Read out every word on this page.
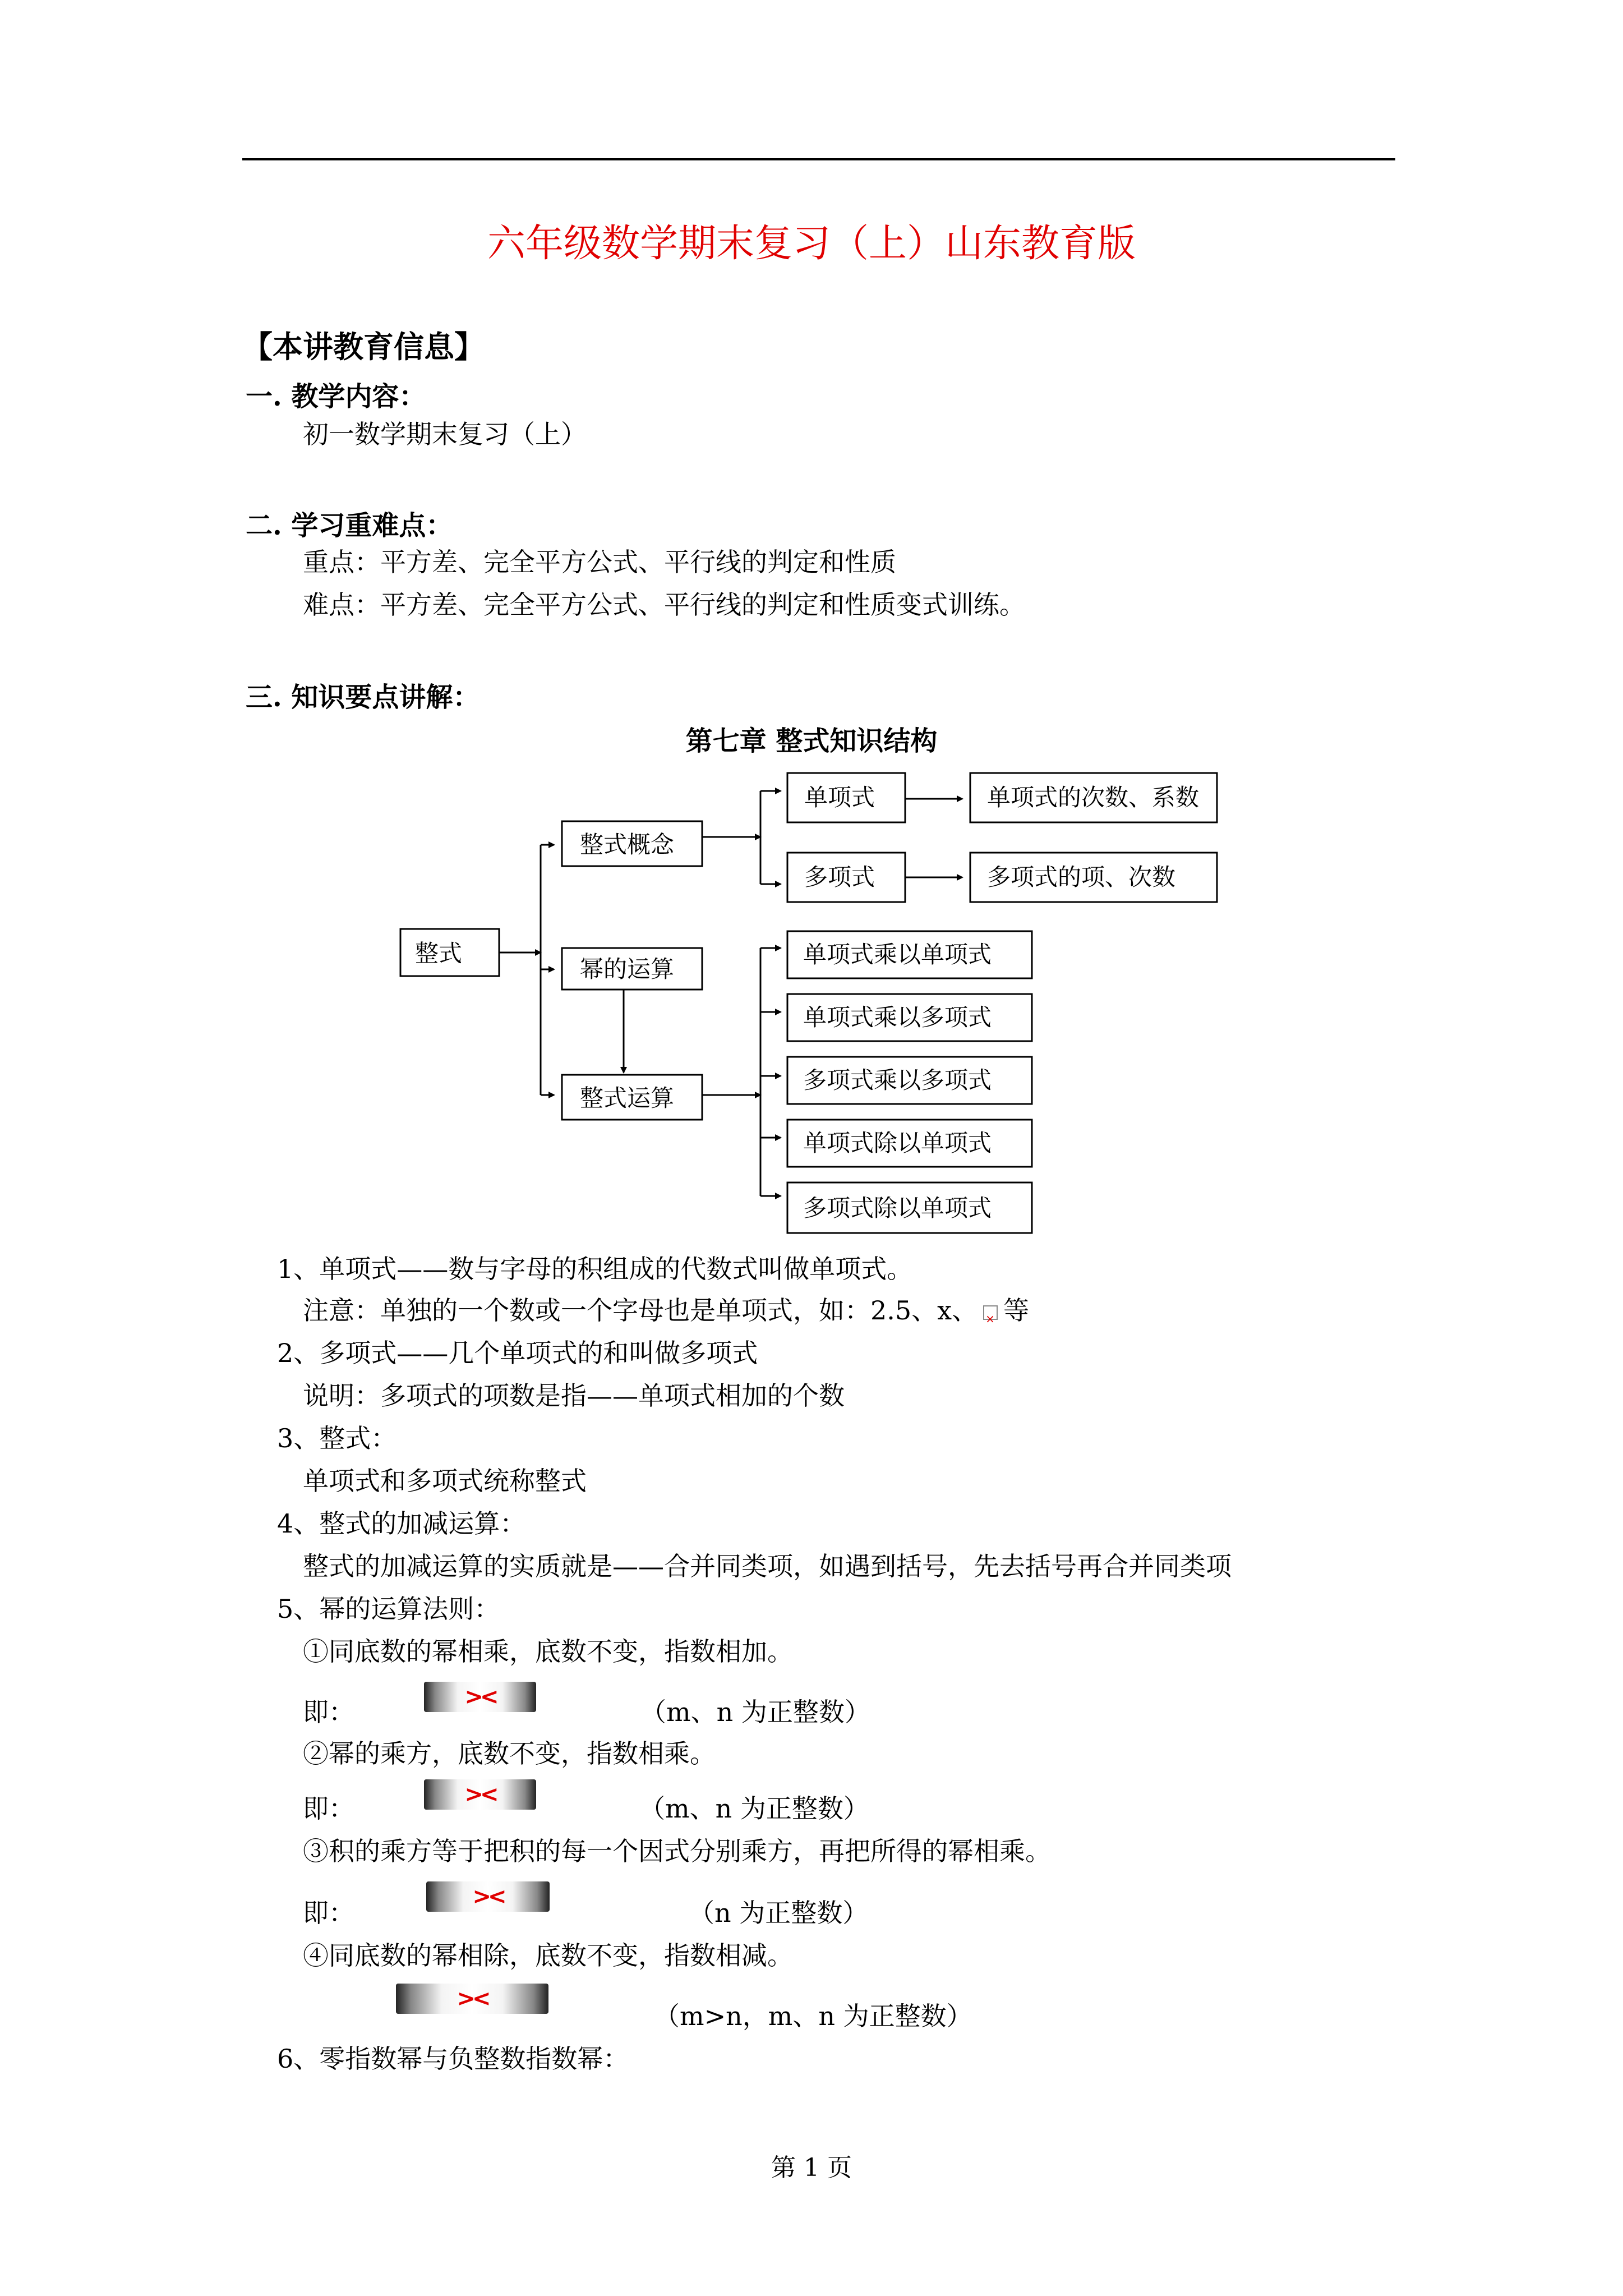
六年级数学期末复习（上）山东教育版
【本讲教育信息】
一. 教学内容：
初一数学期末复习（上）
二. 学习重难点：
重点：平方差、完全平方公式、平行线的判定和性质
难点：平方差、完全平方公式、平行线的判定和性质变式训练。
三. 知识要点讲解：
第七章 整式知识结构
整式
整式概念
幂的运算
整式运算
单项式
多项式
单项式的次数、系数
多项式的项、次数
单项式乘以单项式
单项式乘以多项式
多项式乘以多项式
单项式除以单项式
多项式除以单项式
1、单项式——数与字母的积组成的代数式叫做单项式。
注意：单独的一个数或一个字母也是单项式，如：2.5、x、 × 等
2、多项式——几个单项式的和叫做多项式
说明：多项式的项数是指——单项式相加的个数
3、整式：
单项式和多项式统称整式
4、整式的加减运算：
整式的加减运算的实质就是——合并同类项，如遇到括号，先去括号再合并同类项
5、幂的运算法则：
①同底数的幂相乘，底数不变，指数相加。
即：	><	（m、n 为正整数）
②幂的乘方，底数不变，指数相乘。
即：	><	（m、n 为正整数）
③积的乘方等于把积的每一个因式分别乘方，再把所得的幂相乘。
即：
><
（n 为正整数）
④同底数的幂相除，底数不变，指数相减。
><
（m>n，m、n 为正整数）
6、零指数幂与负整数指数幂：
第 1 页
